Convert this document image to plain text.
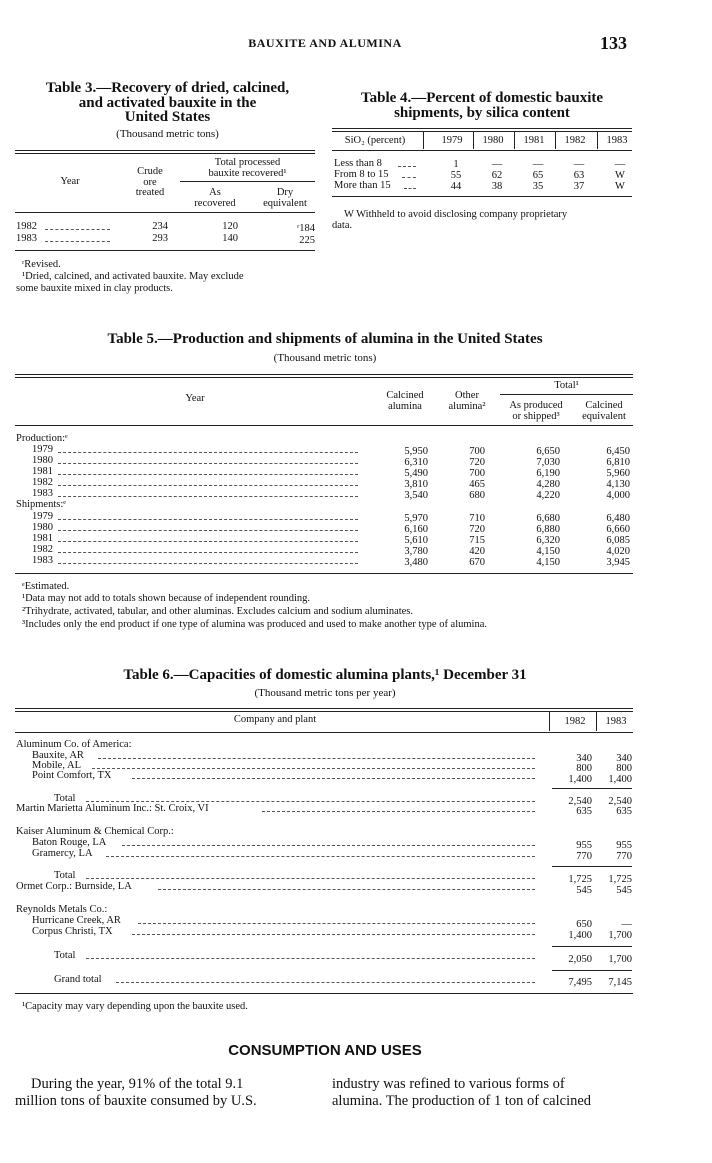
BAUXITE AND ALUMINA	133
Table 3.—Recovery of dried, calcined,
and activated bauxite in the
United States
(Thousand metric tons)
Year
Crude
ore
treated
Total processed
bauxite recovered¹
As
recovered
Dry
equivalent
1982	234	120	ʳ184
1983	293	140	225
ʳRevised.
¹Dried, calcined, and activated bauxite. May exclude
some bauxite mixed in clay products.
Table 4.—Percent of domestic bauxite
shipments, by silica content
SiO₂ (percent)	1979	1980	1981	1982	1983
Less than 8	1	—	—	—	—
From 8 to 15	55	62	65	63	W
More than 15	44	38	35	37	W
W Withheld to avoid disclosing company proprietary
data.
Table 5.—Production and shipments of alumina in the United States
(Thousand metric tons)
Year	Calcined
alumina
Other
alumina²
Total¹
As produced
or shipped³
Calcined
equivalent
Production:ᵉ
1979	5,950	700	6,650	6,450
1980	6,310	720	7,030	6,810
1981	5,490	700	6,190	5,960
1982	3,810	465	4,280	4,130
1983	3,540	680	4,220	4,000
Shipments:ᵉ
1979	5,970	710	6,680	6,480
1980	6,160	720	6,880	6,660
1981	5,610	715	6,320	6,085
1982	3,780	420	4,150	4,020
1983	3,480	670	4,150	3,945
ᵉEstimated.
¹Data may not add to totals shown because of independent rounding.
²Trihydrate, activated, tabular, and other aluminas. Excludes calcium and sodium aluminates.
³Includes only the end product if one type of alumina was produced and used to make another type of alumina.
Table 6.—Capacities of domestic alumina plants,¹ December 31
(Thousand metric tons per year)
Company and plant	1982	1983
Aluminum Co. of America:
Bauxite, AR	340	340
Mobile, AL	800	800
Point Comfort, TX	1,400	1,400
Total	2,540	2,540
Martin Marietta Aluminum Inc.: St. Croix, VI	635	635
Kaiser Aluminum & Chemical Corp.:
Baton Rouge, LA	955	955
Gramercy, LA	770	770
Total	1,725	1,725
Ormet Corp.: Burnside, LA	545	545
Reynolds Metals Co.:
Hurricane Creek, AR	650	—
Corpus Christi, TX	1,400	1,700
Total	2,050	1,700
Grand total	7,495	7,145
¹Capacity may vary depending upon the bauxite used.
CONSUMPTION AND USES
During the year, 91% of the total 9.1
million tons of bauxite consumed by U.S.
industry was refined to various forms of
alumina. The production of 1 ton of calcined
